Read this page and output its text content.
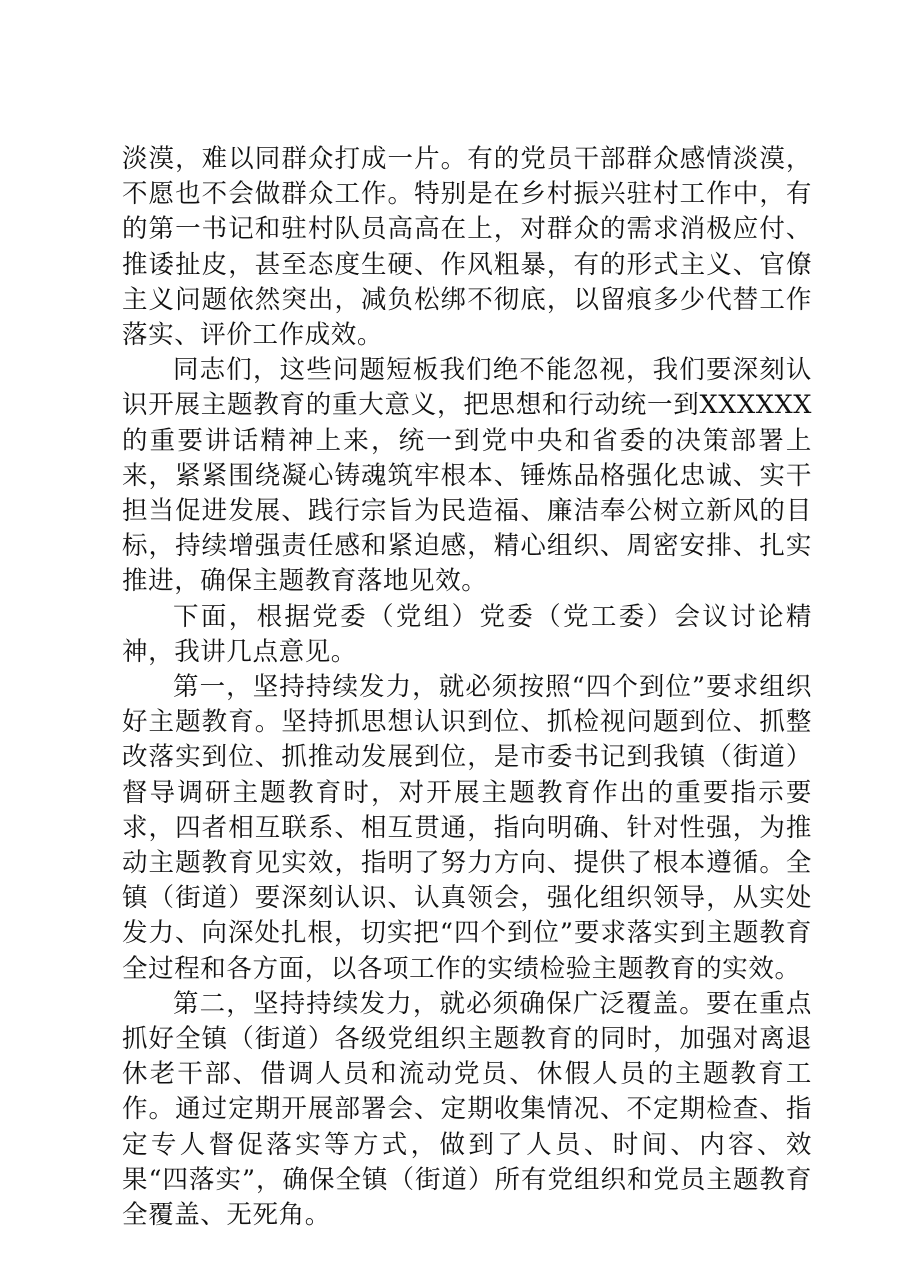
淡漠，难以同群众打成一片。有的党员干部群众感情淡漠，不愿也不会做群众工作。特别是在乡村振兴驻村工作中，有的第一书记和驻村队员高高在上，对群众的需求消极应付、推诿扯皮，甚至态度生硬、作风粗暴，有的形式主义、官僚主义问题依然突出，减负松绑不彻底，以留痕多少代替工作落实、评价工作成效。

同志们，这些问题短板我们绝不能忽视，我们要深刻认识开展主题教育的重大意义，把思想和行动统一到XXXXXX的重要讲话精神上来，统一到党中央和省委的决策部署上来，紧紧围绕凝心铸魂筑牢根本、锤炼品格强化忠诚、实干担当促进发展、践行宗旨为民造福、廉洁奉公树立新风的目标，持续增强责任感和紧迫感，精心组织、周密安排、扎实推进，确保主题教育落地见效。

下面，根据党委（党组）党委（党工委）会议讨论精神，我讲几点意见。

第一，坚持持续发力，就必须按照“四个到位”要求组织好主题教育。坚持抓思想认识到位、抓检视问题到位、抓整改落实到位、抓推动发展到位，是市委书记到我镇（街道）督导调研主题教育时，对开展主题教育作出的重要指示要求，四者相互联系、相互贯通，指向明确、针对性强，为推动主题教育见实效，指明了努力方向、提供了根本遵循。全镇（街道）要深刻认识、认真领会，强化组织领导，从实处发力、向深处扎根，切实把“四个到位”要求落实到主题教育全过程和各方面，以各项工作的实绩检验主题教育的实效。

第二，坚持持续发力，就必须确保广泛覆盖。要在重点抓好全镇（街道）各级党组织主题教育的同时，加强对离退休老干部、借调人员和流动党员、休假人员的主题教育工作。通过定期开展部署会、定期收集情况、不定期检查、指定专人督促落实等方式，做到了人员、时间、内容、效果“四落实”，确保全镇（街道）所有党组织和党员主题教育全覆盖、无死角。
